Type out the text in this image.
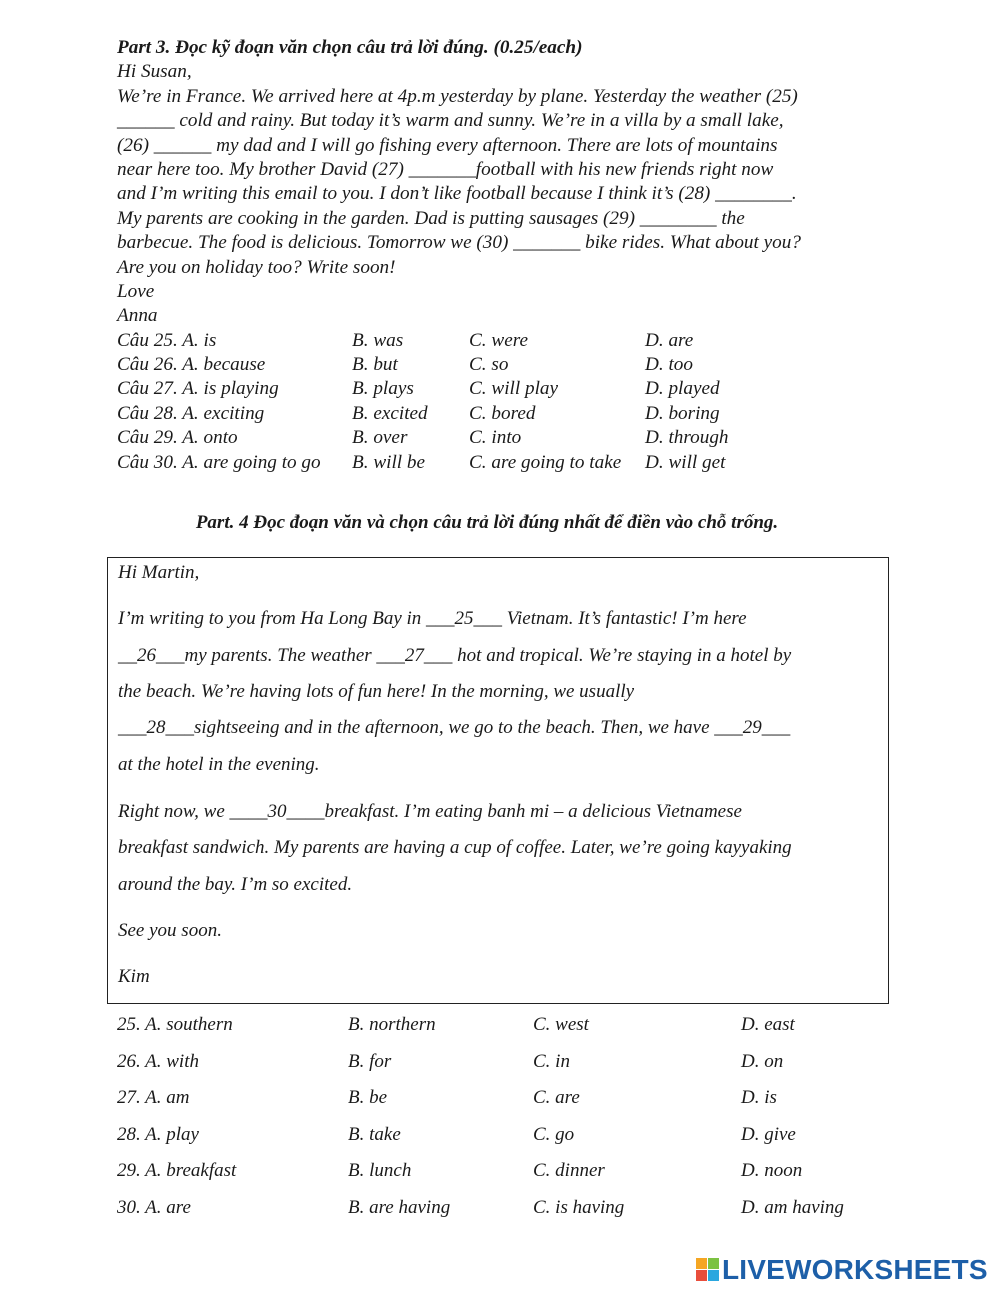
Part 3. Đọc kỹ đoạn văn chọn câu trả lời đúng. (0.25/each)
Hi Susan,
We’re in France. We arrived here at 4p.m yesterday by plane. Yesterday the weather (25)
______ cold and rainy. But today it’s warm and sunny. We’re in a villa by a small lake,
(26) ______ my dad and I will go fishing every afternoon. There are lots of mountains
near here too. My brother David (27) _______football with his new friends right now
and I’m writing this email to you. I don’t like football because I think it’s (28) ________.
My parents are cooking in the garden. Dad is putting sausages (29) ________ the
barbecue. The food is delicious. Tomorrow we (30) _______ bike rides. What about you?
Are you on holiday too? Write soon!
Love
Anna
Câu 25. A. is	B. was	C. were	D. are
Câu 26. A. because	B. but	C. so	D. too
Câu 27. A. is playing	B. plays	C. will play	D. played
Câu 28. A. exciting	B. excited C. bored	D. boring
Câu 29. A. onto	B. over	C. into	D. through
Câu 30. A. are going to go B. will be C. are going to take D. will get
Part. 4 Đọc đoạn văn và chọn câu trả lời đúng nhất để điền vào chỗ trống.
Hi Martin,
I’m writing to you from Ha Long Bay in ___25___ Vietnam. It’s fantastic! I’m here
__26___my parents. The weather ___27___ hot and tropical. We’re staying in a hotel by
the beach. We’re having lots of fun here! In the morning, we usually
___28___sightseeing and in the afternoon, we go to the beach. Then, we have ___29___
at the hotel in the evening.
Right now, we ____30____breakfast. I’m eating banh mi – a delicious Vietnamese
breakfast sandwich. My parents are having a cup of coffee. Later, we’re going kayyaking
around the bay. I’m so excited.
See you soon.
Kim
25. A. southern	B. northern	C. west	D. east
26. A. with	B. for	C. in	D. on
27. A. am	B. be	C. are	D. is
28. A. play	B. take	C. go	D. give
29. A. breakfast	B. lunch	C. dinner	D. noon
30. A. are	B. are having	C. is having	D. am having
LIVEWORKSHEETS
